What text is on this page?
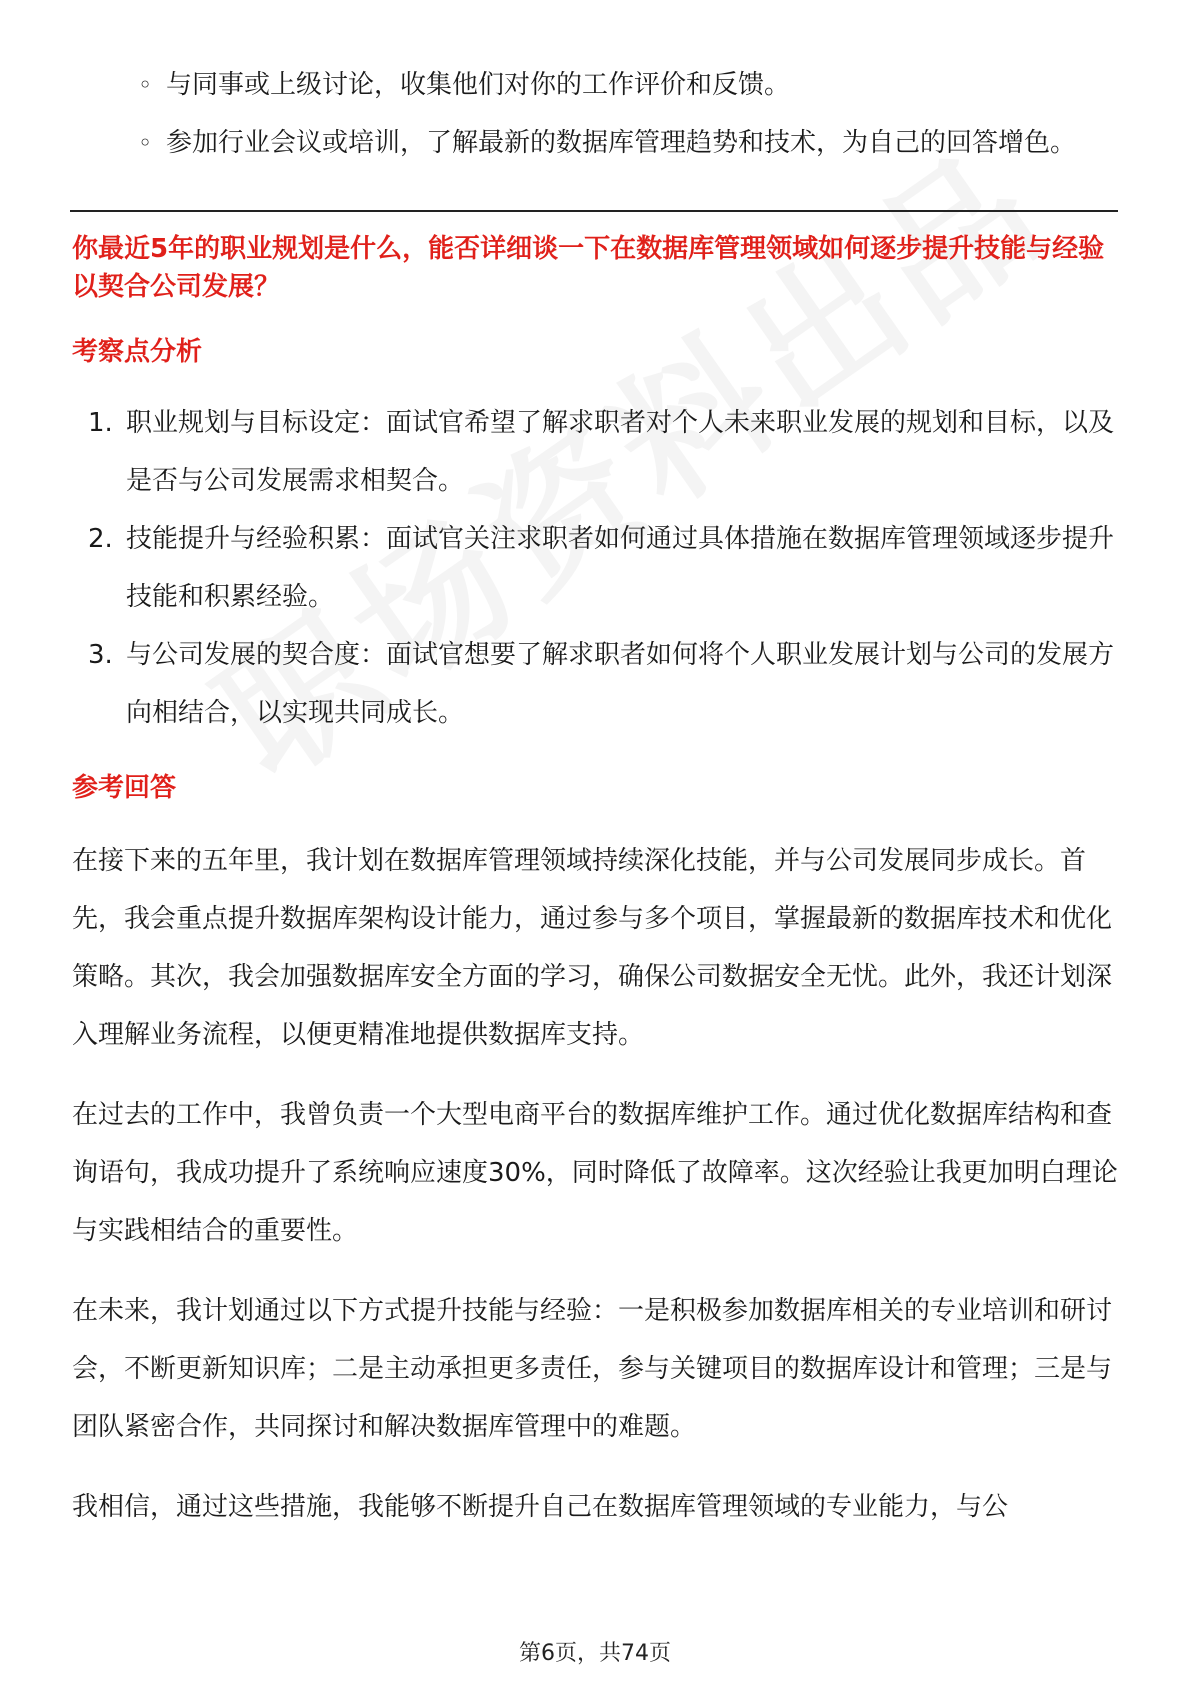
◦ 与同事或上级讨论，收集他们对你的工作评价和反馈。
◦ 参加行业会议或培训，了解最新的数据库管理趋势和技术，为自己的回答增色。
你最近5年的职业规划是什么，能否详细谈一下在数据库管理领域如何逐步提升技能与经验以契合公司发展？
考察点分析
1. 职业规划与目标设定：面试官希望了解求职者对个人未来职业发展的规划和目标，以及是否与公司发展需求相契合。
2. 技能提升与经验积累：面试官关注求职者如何通过具体措施在数据库管理领域逐步提升技能和积累经验。
3. 与公司发展的契合度：面试官想要了解求职者如何将个人职业发展计划与公司的发展方向相结合，以实现共同成长。
参考回答

在接下来的五年里，我计划在数据库管理领域持续深化技能，并与公司发展同步成长。首先，我会重点提升数据库架构设计能力，通过参与多个项目，掌握最新的数据库技术和优化策略。其次，我会加强数据库安全方面的学习，确保公司数据安全无忧。此外，我还计划深入理解业务流程，以便更精准地提供数据库支持。

在过去的工作中，我曾负责一个大型电商平台的数据库维护工作。通过优化数据库结构和查询语句，我成功提升了系统响应速度30%，同时降低了故障率。这次经验让我更加明白理论与实践相结合的重要性。

在未来，我计划通过以下方式提升技能与经验：一是积极参加数据库相关的专业培训和研讨会，不断更新知识库；二是主动承担更多责任，参与关键项目的数据库设计和管理；三是与团队紧密合作，共同探讨和解决数据库管理中的难题。

我相信，通过这些措施，我能够不断提升自己在数据库管理领域的专业能力，与公

第6页，共74页
